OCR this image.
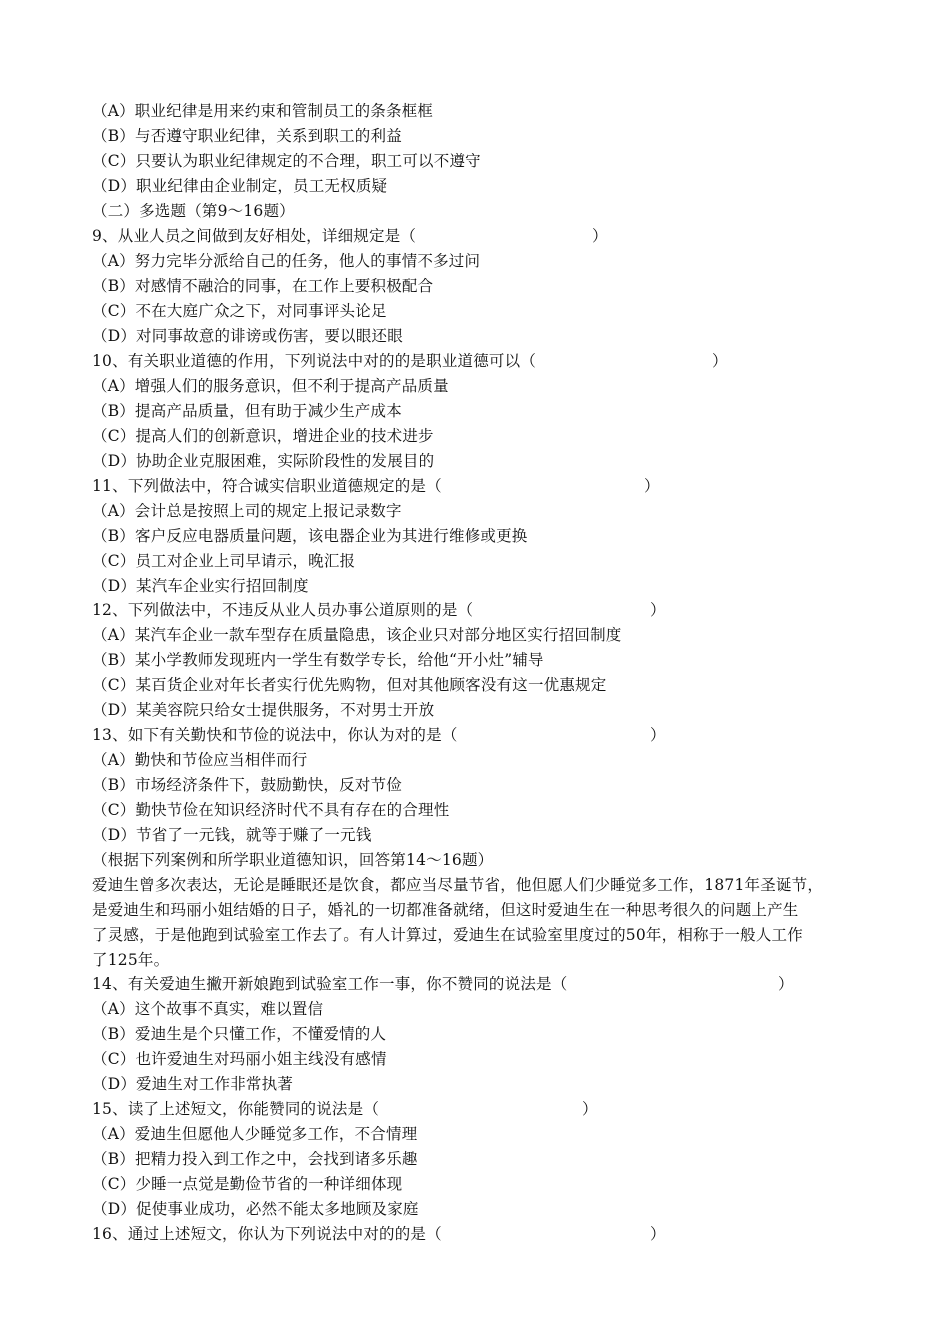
（A）职业纪律是用来约束和管制员工的条条框框
（B）与否遵守职业纪律，关系到职工的利益
（C）只要认为职业纪律规定的不合理，职工可以不遵守
（D）职业纪律由企业制定，员工无权质疑
（二）多选题（第9～16题）
9、从业人员之间做到友好相处，详细规定是（	）
（A）努力完毕分派给自己的任务，他人的事情不多过问
（B）对感情不融洽的同事，在工作上要积极配合
（C）不在大庭广众之下，对同事评头论足
（D）对同事故意的诽谤或伤害，要以眼还眼
10、有关职业道德的作用，下列说法中对的的是职业道德可以（	）
（A）增强人们的服务意识，但不利于提高产品质量
（B）提高产品质量，但有助于减少生产成本
（C）提高人们的创新意识，增进企业的技术进步
（D）协助企业克服困难，实际阶段性的发展目的
11、下列做法中，符合诚实信职业道德规定的是（	）
（A）会计总是按照上司的规定上报记录数字
（B）客户反应电器质量问题，该电器企业为其进行维修或更换
（C）员工对企业上司早请示，晚汇报
（D）某汽车企业实行招回制度
12、下列做法中，不违反从业人员办事公道原则的是（	）
（A）某汽车企业一款车型存在质量隐患，该企业只对部分地区实行招回制度
（B）某小学教师发现班内一学生有数学专长，给他“开小灶”辅导
（C）某百货企业对年长者实行优先购物，但对其他顾客没有这一优惠规定
（D）某美容院只给女士提供服务，不对男士开放
13、如下有关勤快和节俭的说法中，你认为对的是（	）
（A）勤快和节俭应当相伴而行
（B）市场经济条件下，鼓励勤快，反对节俭
（C）勤快节俭在知识经济时代不具有存在的合理性
（D）节省了一元钱，就等于赚了一元钱
（根据下列案例和所学职业道德知识，回答第14～16题）
爱迪生曾多次表达，无论是睡眠还是饮食，都应当尽量节省，他但愿人们少睡觉多工作，1871年圣诞节，
是爱迪生和玛丽小姐结婚的日子，婚礼的一切都准备就绪，但这时爱迪生在一种思考很久的问题上产生
了灵感，于是他跑到试验室工作去了。有人计算过，爱迪生在试验室里度过的50年，相称于一般人工作
了125年。
14、有关爱迪生撇开新娘跑到试验室工作一事，你不赞同的说法是（	）
（A）这个故事不真实，难以置信
（B）爱迪生是个只懂工作，不懂爱情的人
（C）也许爱迪生对玛丽小姐主线没有感情
（D）爱迪生对工作非常执著
15、读了上述短文，你能赞同的说法是（	）
（A）爱迪生但愿他人少睡觉多工作，不合情理
（B）把精力投入到工作之中，会找到诸多乐趣
（C）少睡一点觉是勤俭节省的一种详细体现
（D）促使事业成功，必然不能太多地顾及家庭
16、通过上述短文，你认为下列说法中对的的是（	）
